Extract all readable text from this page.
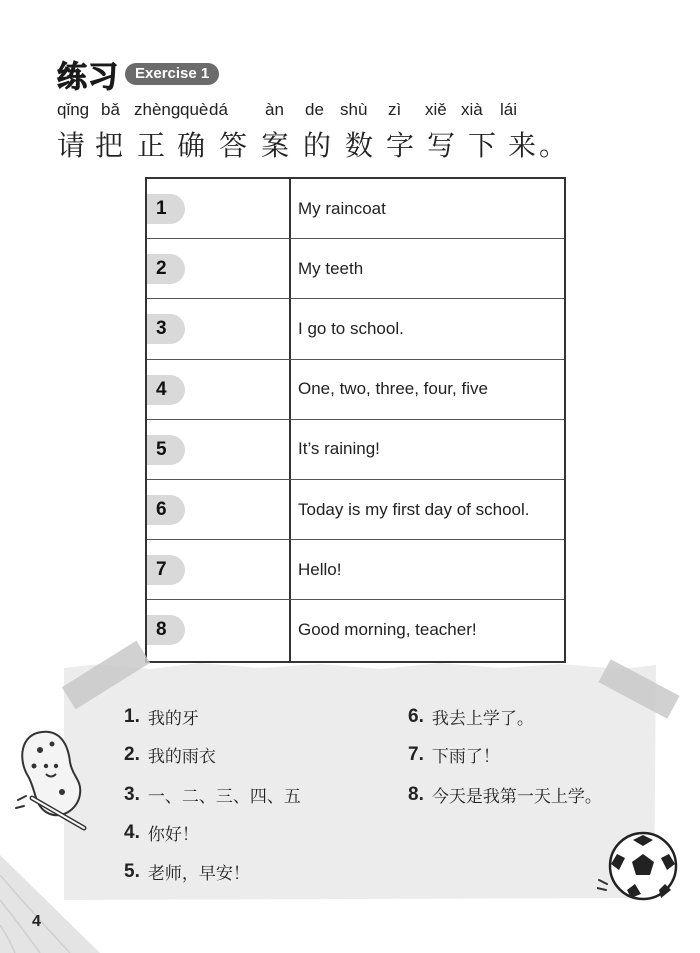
练习	Exercise 1
qǐng bǎ zhèng què dá àn de shù zì xiě xià lái
请 把 正 确 答 案 的 数 字 写 下 来 。
1	My raincoat
2	My teeth
3	I go to school.
4	One, two, three, four, five
5	It’s raining!
6	Today is my first day of school.
7	Hello!
8	Good morning, teacher!
1. 我的牙
2. 我的雨衣
3. 一、二、三、四、五
4. 你好！
5. 老师，早安！
6. 我去上学了。
7. 下雨了！
8. 今天是我第一天上学。
4
